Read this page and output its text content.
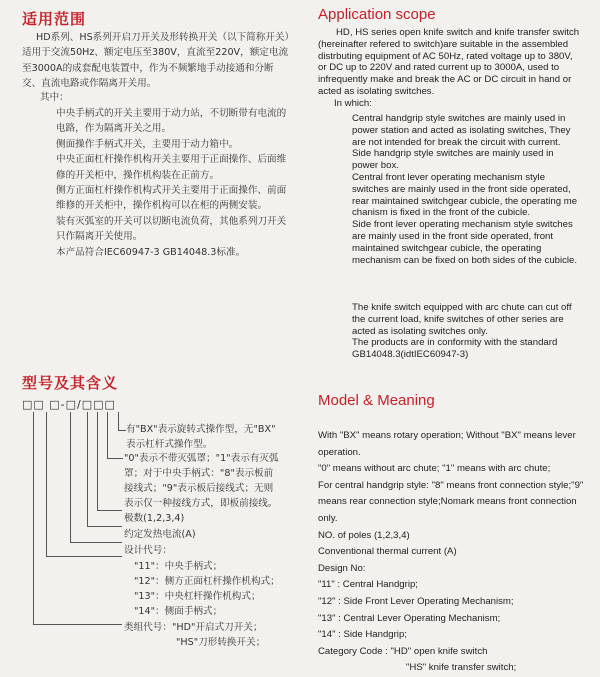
适用范围
HD系列、HS系列开启刀开关及形转换开关（以下简称开关）适用于交流50Hz、额定电压至380V，直流至220V，额定电流至3000A的成套配电装置中，作为不频繁地手动接通和分断交、直流电路或作隔离开关用。
其中：

中央手柄式的开关主要用于动力站，不切断带有电流的电路，作为隔离开关之用。

侧面操作手柄式开关，主要用于动力箱中。

中央正面杠杆操作机构开关主要用于正面操作、后面维修的开关柜中，操作机构装在正前方。

侧方正面杠杆操作机构式开关主要用于正面操作、前面维修的开关柜中，操作机构可以在柜的两侧安装。

装有灭弧室的开关可以切断电流负荷，其他系列刀开关只作隔离开关使用。

本产品符合IEC60947-3 GB14048.3标准。

Application scope
HD, HS series open knife switch and knife transfer switch (hereinafter refered to switch)are suitable in the assembled distrbuting equipment of AC 50Hz, rated voltage up to 380V, or DC up to 220V and rated current up to 3000A, used to infrequently make and break the AC or DC circuit in hand or acted as isolating switches.
In which:

Central handgrip style switches are mainly used in power station and acted as isolating switches, They are not intended for break the circuit with current.

Side handgrip style switches are mainly used in power box.

Central front lever operating mechanism style switches are mainly used in the front side operated, rear maintained switchgear cubicle, the operating me chanism is fixed in the front of the cubicle.

Side front lever operating mechanism style switches are mainly used in the front side operated, front maintained switchgear cubicle, the operating mechanism can be fixed on both sides of the cubicle.

The knife switch equipped with arc chute can cut off the current load, knife switches of other series are acted as isolating switches only.

The products are in conformity with the standard GB14048.3(idtIEC60947-3)

型号及其含义
□□ □-□/□□□

有"BX"表示旋转式操作型，无"BX"

表示杠杆式操作型。

"0"表示不带灭弧罩；"1"表示有灭弧

罩；对于中央手柄式："8"表示板前

接线式；"9"表示板后接线式；无则

表示仅一种接线方式，即板前接线。

极数(1,2,3,4)
约定发热电流(A)
设计代号：

"11"：中央手柄式；

"12"：侧方正面杠杆操作机构式；

"13"：中央杠杆操作机构式；

"14"：侧面手柄式；

类组代号："HD"开启式刀开关；
"HS"刀形转换开关；
Model & Meaning

With "BX" means rotary operation; Without "BX" means lever operation.

"0" means without arc chute; "1" means with arc chute;

For central handgrip style: "8" means front connection style;"9" means rear connection style;Nomark means front connection only.

NO. of poles (1,2,3,4)

Conventional thermal current (A)

Design No:

"11" : Central Handgrip;

"12" : Side Front Lever Operating Mechanism;

"13" : Central Lever Operating Mechanism;

"14" : Side Handgrip;

Category Code : "HD" open knife switch

"HS" knife transfer switch;
